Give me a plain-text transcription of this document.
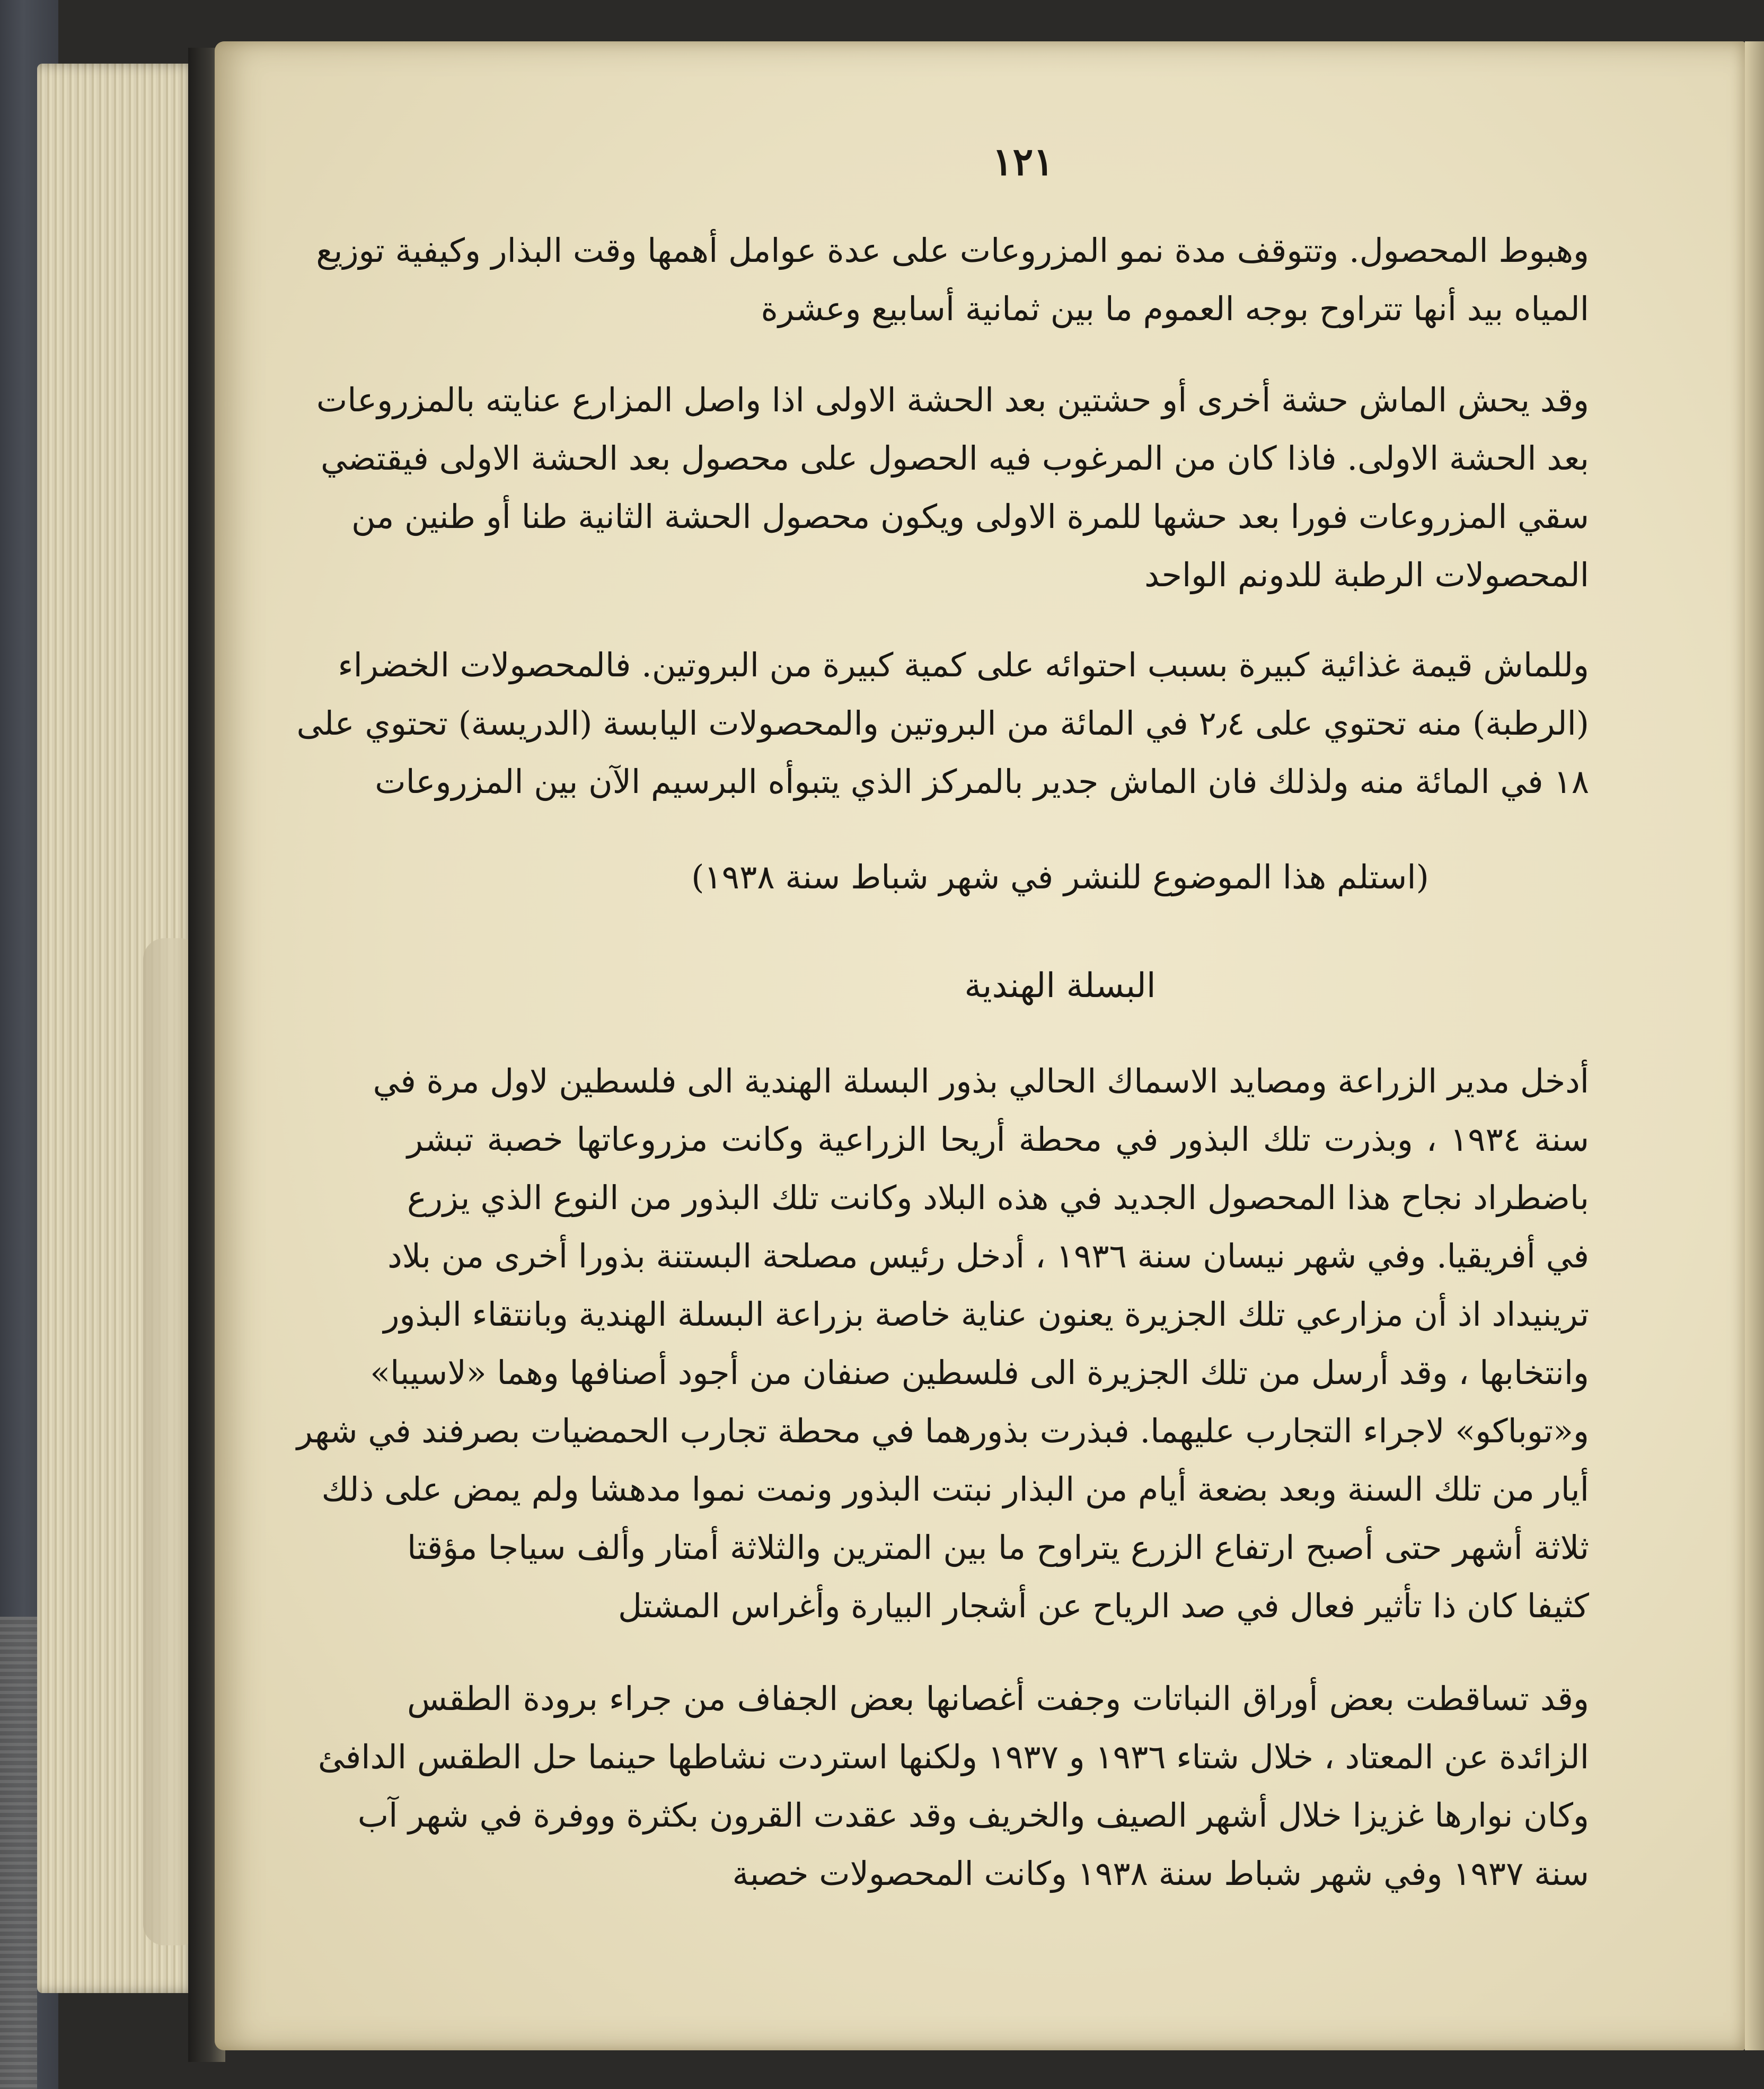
١٢١
وهبوط المحصول. وتتوقف مدة نمو المزروعات على عدة عوامل أهمها وقت البذار وكيفية توزيع
المياه بيد أنها تتراوح بوجه العموم ما بين ثمانية أسابيع وعشرة
وقد يحش الماش حشة أخرى أو حشتين بعد الحشة الاولى اذا واصل المزارع عنايته بالمزروعات
بعد الحشة الاولى. فاذا كان من المرغوب فيه الحصول على محصول بعد الحشة الاولى فيقتضي
سقي المزروعات فورا بعد حشها للمرة الاولى ويكون محصول الحشة الثانية طنا أو طنين من
المحصولات الرطبة للدونم الواحد
وللماش قيمة غذائية كبيرة بسبب احتوائه على كمية كبيرة من البروتين. فالمحصولات الخضراء
(الرطبة) منه تحتوي على ٢٫٤ في المائة من البروتين والمحصولات اليابسة (الدريسة) تحتوي على
١٨ في المائة منه ولذلك فان الماش جدير بالمركز الذي يتبوأه البرسيم الآن بين المزروعات
(استلم هذا الموضوع للنشر في شهر شباط سنة ١٩٣٨)
البسلة الهندية
أدخل مدير الزراعة ومصايد الاسماك الحالي بذور البسلة الهندية الى فلسطين لاول مرة في
سنة ١٩٣٤ ، وبذرت تلك البذور في محطة أريحا الزراعية وكانت مزروعاتها خصبة تبشر
باضطراد نجاح هذا المحصول الجديد في هذه البلاد وكانت تلك البذور من النوع الذي يزرع
في أفريقيا. وفي شهر نيسان سنة ١٩٣٦ ، أدخل رئيس مصلحة البستنة بذورا أخرى من بلاد
ترينيداد اذ أن مزارعي تلك الجزيرة يعنون عناية خاصة بزراعة البسلة الهندية وبانتقاء البذور
وانتخابها ، وقد أرسل من تلك الجزيرة الى فلسطين صنفان من أجود أصنافها وهما «لاسيبا»
و«توباكو» لاجراء التجارب عليهما. فبذرت بذورهما في محطة تجارب الحمضيات بصرفند في شهر
أيار من تلك السنة وبعد بضعة أيام من البذار نبتت البذور ونمت نموا مدهشا ولم يمض على ذلك
ثلاثة أشهر حتى أصبح ارتفاع الزرع يتراوح ما بين المترين والثلاثة أمتار وألف سياجا مؤقتا
كثيفا كان ذا تأثير فعال في صد الرياح عن أشجار البيارة وأغراس المشتل
وقد تساقطت بعض أوراق النباتات وجفت أغصانها بعض الجفاف من جراء برودة الطقس
الزائدة عن المعتاد ، خلال شتاء ١٩٣٦ و ١٩٣٧ ولكنها استردت نشاطها حينما حل الطقس الدافئ
وكان نوارها غزيزا خلال أشهر الصيف والخريف وقد عقدت القرون بكثرة ووفرة في شهر آب
سنة ١٩٣٧ وفي شهر شباط سنة ١٩٣٨ وكانت المحصولات خصبة
